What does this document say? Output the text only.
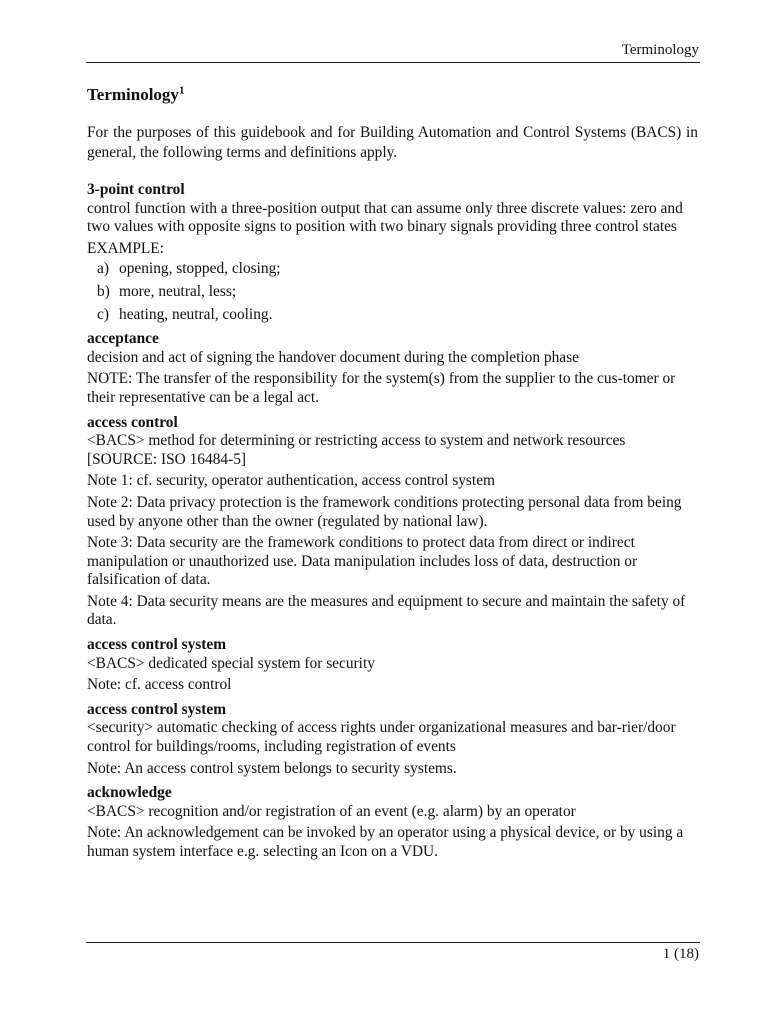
Terminology
Terminology$^1$

For the purposes of this guidebook and for Building Automation and Control Systems (BACS) in general, the following terms and definitions apply.

3-point control
control function with a three-position output that can assume only three discrete values: zero and two values with opposite signs to position with two binary signals providing three control states
EXAMPLE:
a) opening, stopped, closing;
b) more, neutral, less;
c) heating, neutral, cooling.
acceptance
decision and act of signing the handover document during the completion phase
NOTE: The transfer of the responsibility for the system(s) from the supplier to the cus-tomer or their representative can be a legal act.
access control
<BACS> method for determining or restricting access to system and network resources [SOURCE: ISO 16484-5]
Note 1: cf. security, operator authentication, access control system
Note 2: Data privacy protection is the framework conditions protecting personal data from being used by anyone other than the owner (regulated by national law).
Note 3: Data security are the framework conditions to protect data from direct or indirect manipulation or unauthorized use. Data manipulation includes loss of data, destruction or falsification of data.
Note 4: Data security means are the measures and equipment to secure and maintain the safety of data.
access control system
<BACS> dedicated special system for security
Note: cf. access control
access control system
<security> automatic checking of access rights under organizational measures and bar-rier/door control for buildings/rooms, including registration of events
Note: An access control system belongs to security systems.
acknowledge
<BACS> recognition and/or registration of an event (e.g. alarm) by an operator
Note: An acknowledgement can be invoked by an operator using a physical device, or by using a human system interface e.g. selecting an Icon on a VDU.
1 (18)
